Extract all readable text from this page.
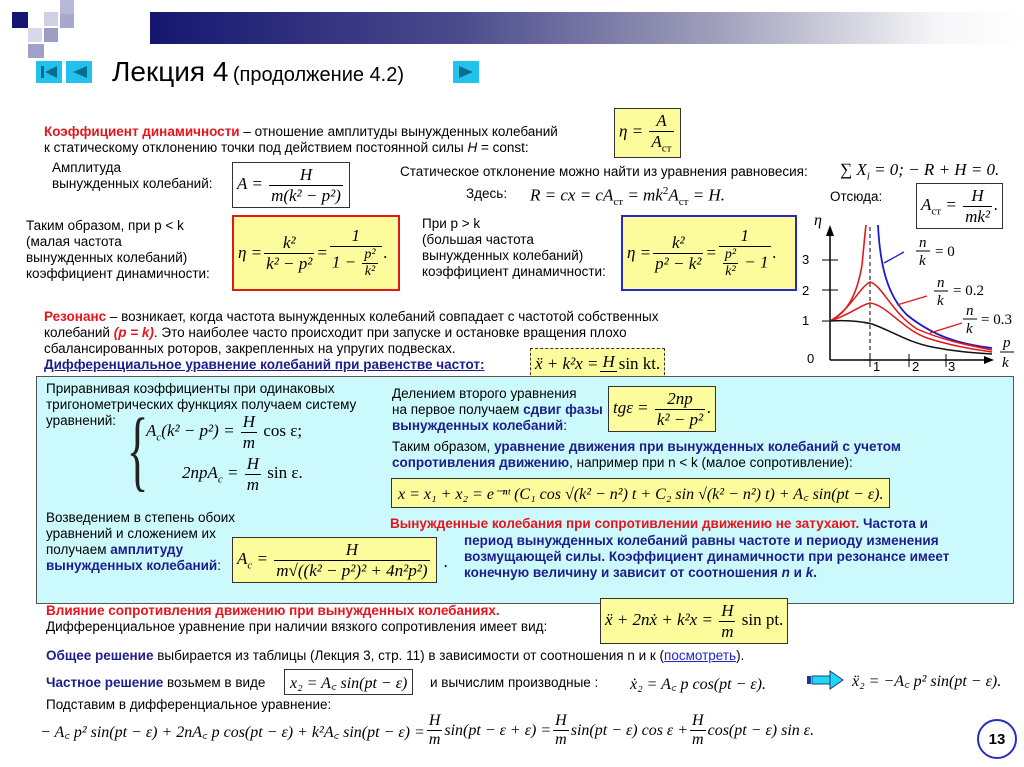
Лекция 4 (продолжение 4.2)
Коэффициент динамичности – отношение амплитуды вынужденных колебаний
к статическому отклонению точки под действием постоянной силы H = const:
$\eta = \frac{A}{A_{ст}}$
Амплитуда
вынужденных колебаний: $A = \frac{H}{\text{m(k² − p²)}}$	Статическое отклонение можно найти из уравнения равновесия: ∑ $X_i = 0$; − R + H = 0.
Здесь: R = cx = $cA_{ст} = mk^2A_{ст} = H$.	Отсюда: $A_{ст} = \frac{H}{\text{mk²}}$ .
Таким образом, при p < k
(малая частота
вынужденных колебаний)
коэффициент динамичности:
$\eta = \frac{\text{k²}}{\text{k² − p²}} = \frac{1}{1 - \frac{\text{p²}}{\text{k²}}}$ .
При p > k
(большая частота
вынужденных колебаний)
коэффициент динамичности:
$\eta = \frac{\text{k²}}{\text{p² − k²}} = \frac{1}{\frac{\text{p²}}{\text{k²}} - 1}$ .
η
3
2
1
0
1 2 3
p
k
n
k
= 0
n
k
= 0.2
n
k
= 0.3
Резонанс – возникает, когда частота вынужденных колебаний совпадает с частотой собственных
колебаний (p = k). Это наиболее часто происходит при запуске и остановке вращения плохо
сбалансированных роторов, закрепленных на упругих подвесках.
Дифференциальное уравнение колебаний при равенстве частот:	ẍ + k²x = H sin kt.
Приравнивая коэффициенты при одинаковых
тригонометрических функциях получаем систему
уравнений: {
$A_c(k^2 - p^2) = \frac{H}{m}$ cos ε;
$2npA_c = \frac{H}{m}$ sin ε.
Делением второго уравнения
на первое получаем сдвиг фазы
вынужденных колебаний:
$tg\varepsilon = \frac{2np}{\text{k² − p²}}$ .
Таким образом, уравнение движения при вынужденных колебаний с учетом
сопротивления движению, например при n < k (малое сопротивление):
x = x₁ + x₂ = e⁻ⁿᵗ (C₁ cos √(k² − n²) t + C₂ sin √(k² − n²) t) + A꜀ sin(pt − ε).
Возведением в степень обоих
уравнений и сложением их
получаем амплитуду
вынужденных колебаний: $A_c = \frac{H}{\text{m√((k² − p²)² + 4n²p²)}}$ .
Вынужденные колебания при сопротивлении движению не затухают. Частота и
период вынужденных колебаний равны частоте и периоду изменения
возмущающей силы. Коэффициент динамичности при резонансе имеет
конечную величину и зависит от соотношения n и k.
Влияние сопротивления движению при вынужденных колебаниях.
Дифференциальное уравнение при наличии вязкого сопротивления имеет вид:	ẍ + 2nẋ + $k^2x = \frac{H}{m}$ sin pt.
Общее решение выбирается из таблицы (Лекция 3, стр. 11) в зависимости от соотношения n и к (посмотреть).
Частное решение возьмем в виде	x₂ = A꜀ sin(pt − ε)	и вычислим производные : ẋ₂ = A꜀ p cos(pt − ε).	ẍ₂ = −A꜀ p² sin(pt − ε).
Подставим в дифференциальное уравнение:
− A꜀ p² sin(pt − ε) + 2nA꜀ p cos(pt − ε) + k²A꜀ $\sin(pt - \varepsilon) = \frac{H}{m} \sin(pt - \varepsilon + \varepsilon) = \frac{H}{m} \sin(pt - \varepsilon)$ $\cos \varepsilon + \frac{H}{m} \cos(pt - \varepsilon)$ sin ε.
13
